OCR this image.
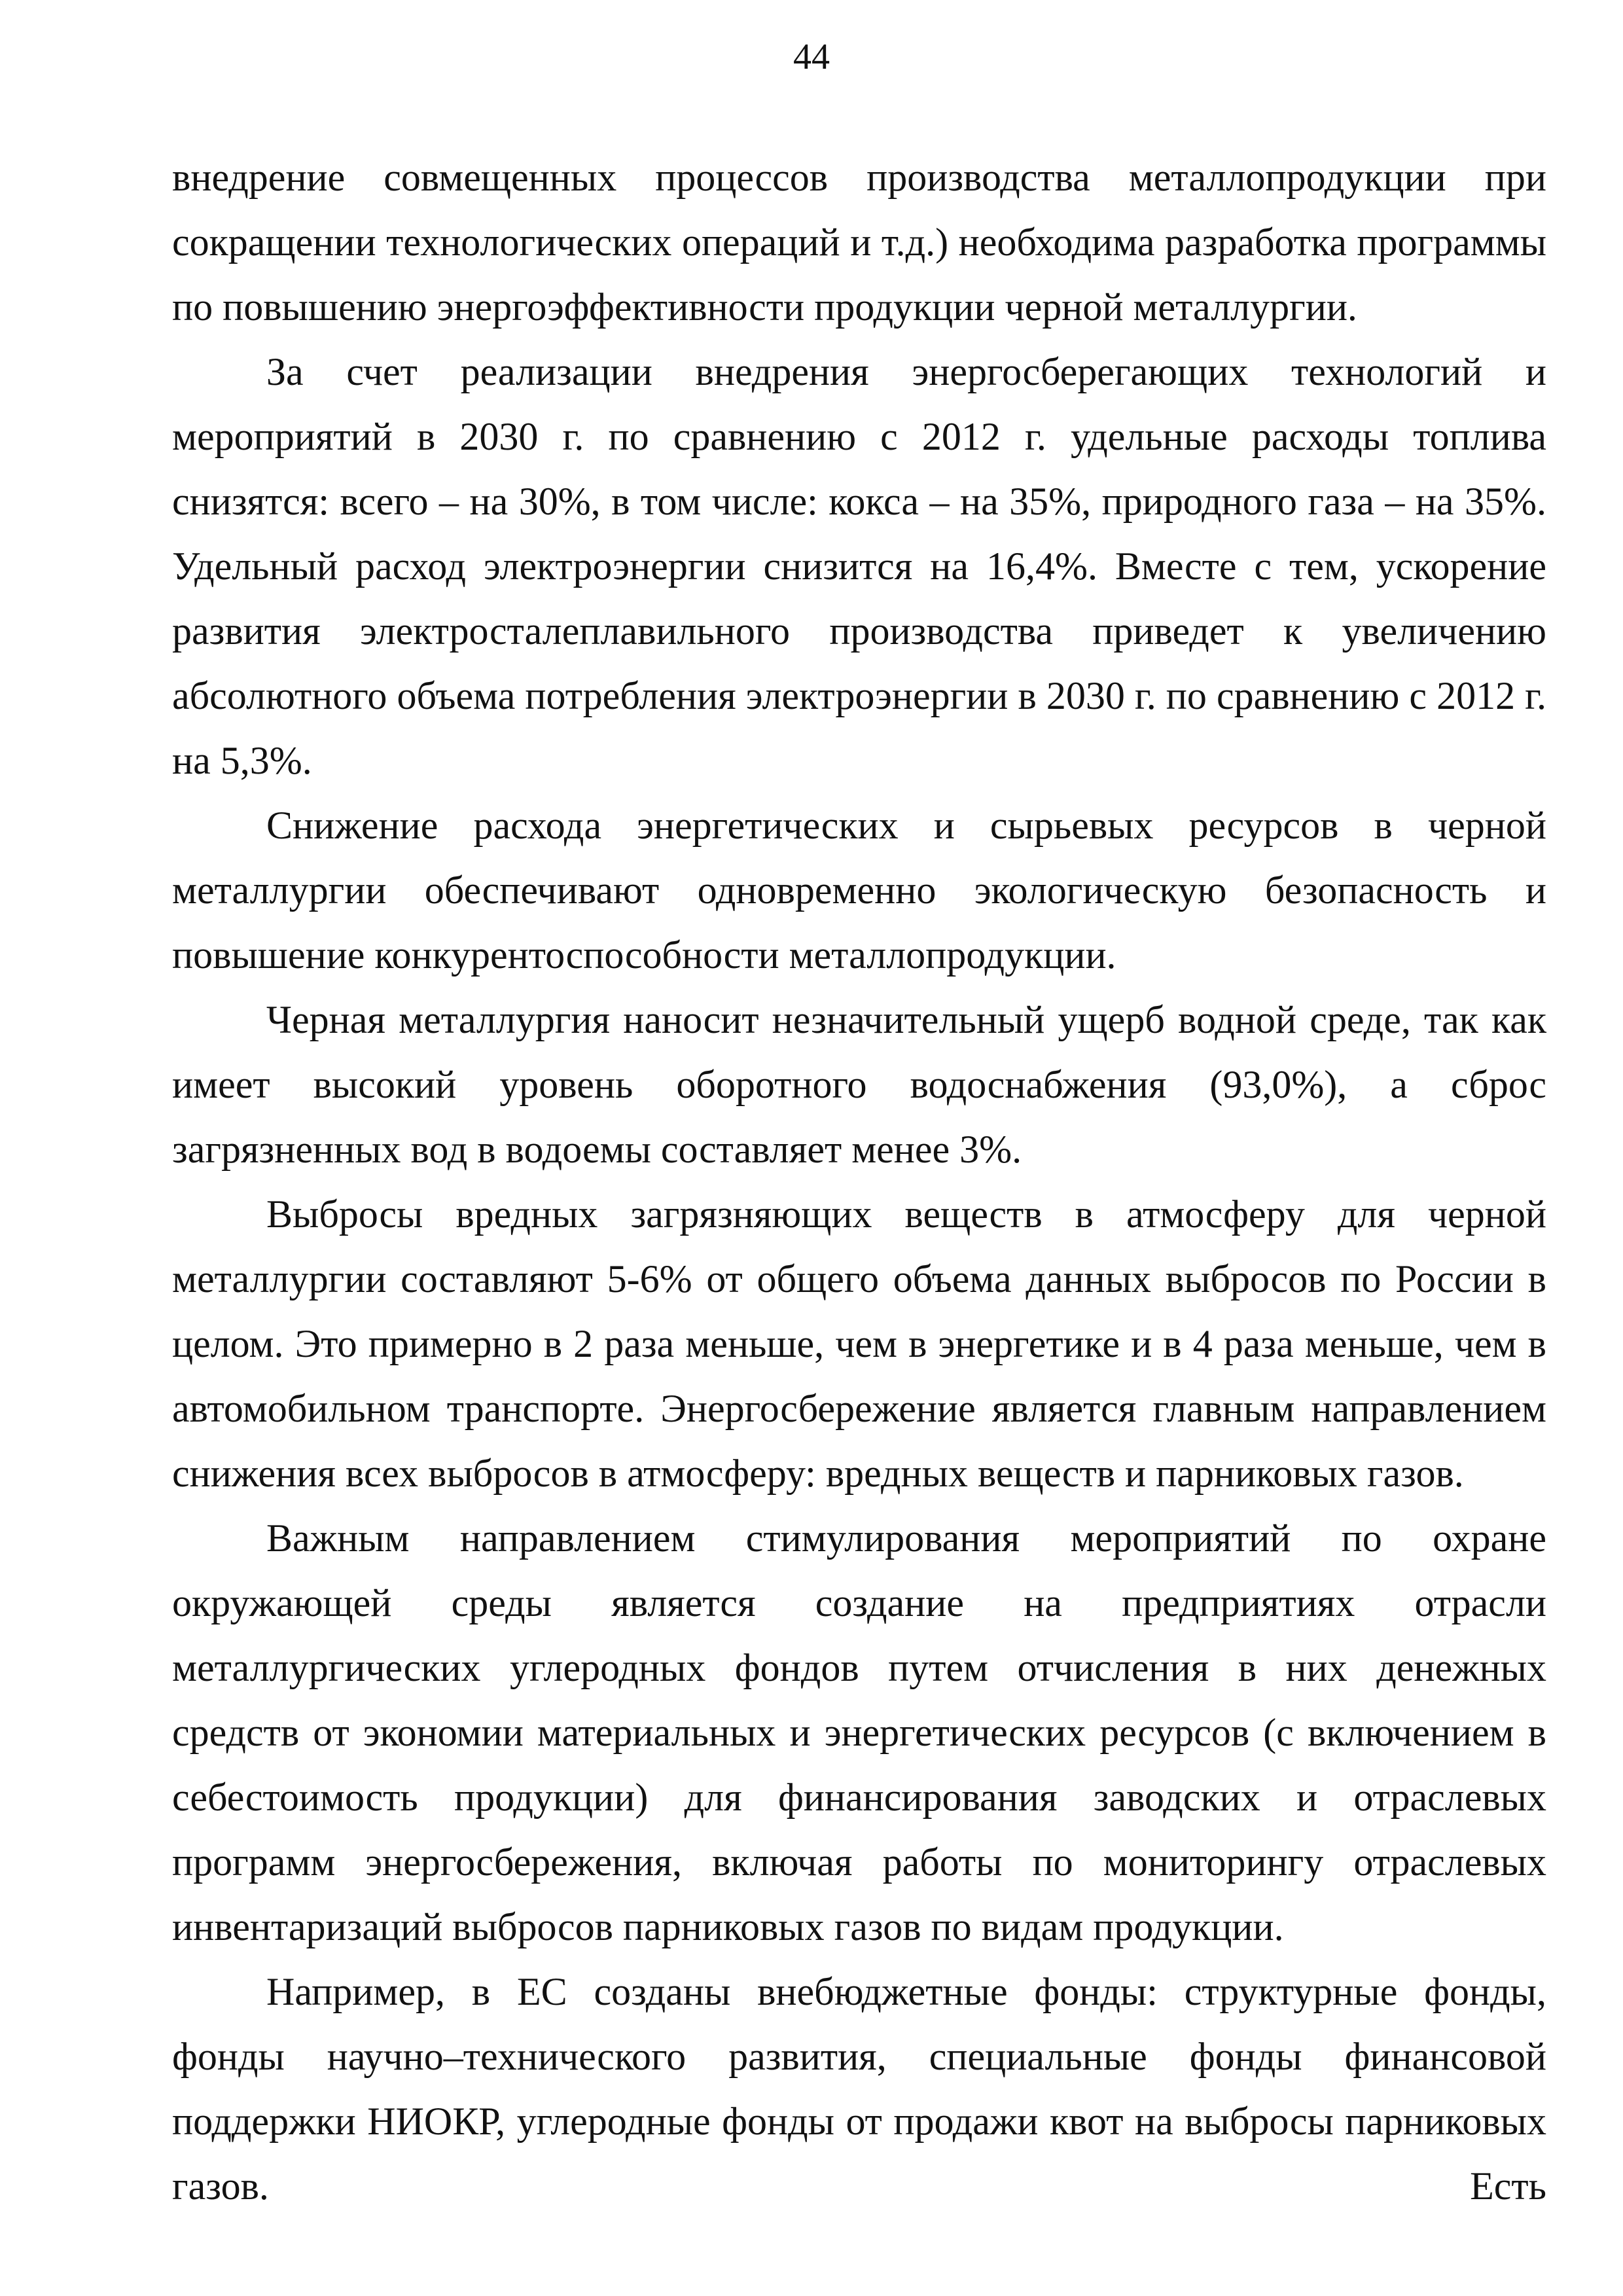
44

внедрение совмещенных процессов производства металлопродукции при сокращении технологических операций и т.д.) необходима разработка программы по повышению энергоэффективности продукции черной металлургии.

За счет реализации внедрения энергосберегающих технологий и мероприятий в 2030 г. по сравнению с 2012 г. удельные расходы топлива снизятся: всего – на 30%, в том числе: кокса – на 35%, природного газа – на 35%. Удельный расход электроэнергии снизится на 16,4%. Вместе с тем, ускорение развития электросталеплавильного производства приведет к увеличению абсолютного объема потребления электроэнергии в 2030 г. по сравнению с 2012 г. на 5,3%.

Снижение расхода энергетических и сырьевых ресурсов в черной металлургии обеспечивают одновременно экологическую безопасность и повышение конкурентоспособности металлопродукции.

Черная металлургия наносит незначительный ущерб водной среде, так как имеет высокий уровень оборотного водоснабжения (93,0%), а сброс загрязненных вод в водоемы составляет менее 3%.

Выбросы вредных загрязняющих веществ в атмосферу для черной металлургии составляют 5-6% от общего объема данных выбросов по России в целом. Это примерно в 2 раза меньше, чем в энергетике и в 4 раза меньше, чем в автомобильном транспорте. Энергосбережение является главным направлением снижения всех выбросов в атмосферу: вредных веществ и парниковых газов.

Важным направлением стимулирования мероприятий по охране окружающей среды является создание на предприятиях отрасли металлургических углеродных фондов путем отчисления в них денежных средств от экономии материальных и энергетических ресурсов (с включением в себестоимость продукции) для финансирования заводских и отраслевых программ энергосбережения, включая работы по мониторингу отраслевых инвентаризаций выбросов парниковых газов по видам продукции.

Например, в ЕС созданы внебюджетные фонды: структурные фонды, фонды научно–технического развития, специальные фонды финансовой поддержки НИОКР, углеродные фонды от продажи квот на выбросы парниковых газов. Есть
